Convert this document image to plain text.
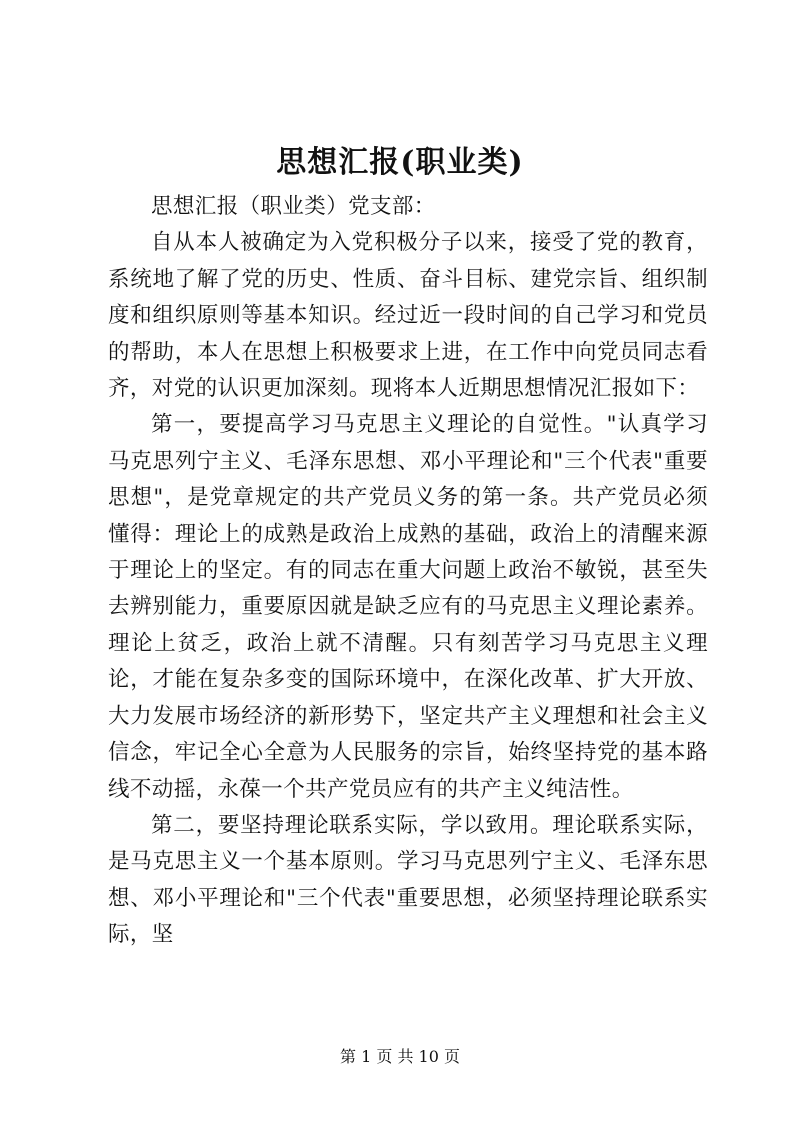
思想汇报(职业类)

思想汇报（职业类）党支部：

自从本人被确定为入党积极分子以来，接受了党的教育，系统地了解了党的历史、性质、奋斗目标、建党宗旨、组织制度和组织原则等基本知识。经过近一段时间的自己学习和党员的帮助，本人在思想上积极要求上进，在工作中向党员同志看齐，对党的认识更加深刻。现将本人近期思想情况汇报如下：

第一，要提高学习马克思主义理论的自觉性。"认真学习马克思列宁主义、毛泽东思想、邓小平理论和"三个代表"重要思想"，是党章规定的共产党员义务的第一条。共产党员必须懂得：理论上的成熟是政治上成熟的基础，政治上的清醒来源于理论上的坚定。有的同志在重大问题上政治不敏锐，甚至失去辨别能力，重要原因就是缺乏应有的马克思主义理论素养。理论上贫乏，政治上就不清醒。只有刻苦学习马克思主义理论，才能在复杂多变的国际环境中，在深化改革、扩大开放、大力发展市场经济的新形势下，坚定共产主义理想和社会主义信念，牢记全心全意为人民服务的宗旨，始终坚持党的基本路线不动摇，永葆一个共产党员应有的共产主义纯洁性。

第二，要坚持理论联系实际，学以致用。理论联系实际，是马克思主义一个基本原则。学习马克思列宁主义、毛泽东思想、邓小平理论和"三个代表"重要思想，必须坚持理论联系实际，坚

第 1 页 共 10 页
